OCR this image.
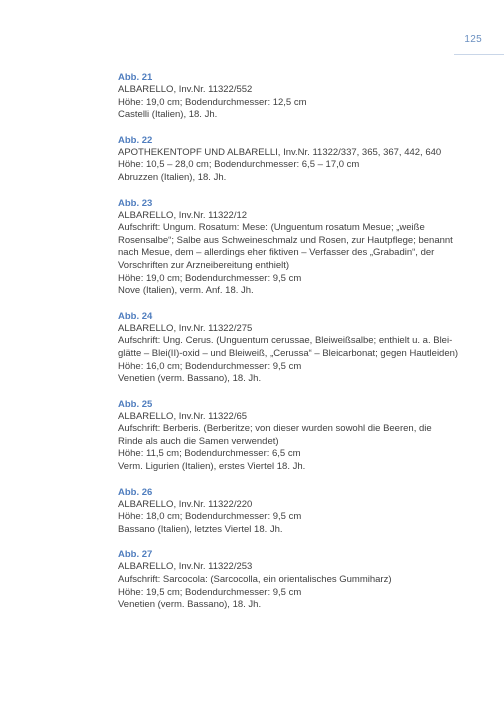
125
Abb. 21
ALBARELLO, Inv.Nr. 11322/552
Höhe: 19,0 cm; Bodendurchmesser: 12,5 cm
Castelli (Italien), 18. Jh.
Abb. 22
APOTHEKENTOPF UND ALBARELLI, Inv.Nr. 11322/337, 365, 367, 442, 640
Höhe: 10,5 – 28,0 cm; Bodendurchmesser: 6,5 – 17,0 cm
Abruzzen (Italien), 18. Jh.
Abb. 23
ALBARELLO, Inv.Nr. 11322/12
Aufschrift: Ungum. Rosatum: Mese: (Unguentum rosatum Mesue; „weiße
Rosensalbe“; Salbe aus Schweineschmalz und Rosen, zur Hautpflege; benannt
nach Mesue, dem – allerdings eher fiktiven – Verfasser des „Grabadin“, der
Vorschriften zur Arzneibereitung enthielt)
Höhe: 19,0 cm; Bodendurchmesser: 9,5 cm
Nove (Italien), verm. Anf. 18. Jh.
Abb. 24
ALBARELLO, Inv.Nr. 11322/275
Aufschrift: Ung. Cerus. (Unguentum cerussae, Bleiweißsalbe; enthielt u. a. Blei-
glätte – Blei(II)-oxid – und Bleiweiß, „Cerussa“ – Bleicarbonat; gegen Hautleiden)
Höhe: 16,0 cm; Bodendurchmesser: 9,5 cm
Venetien (verm. Bassano), 18. Jh.
Abb. 25
ALBARELLO, Inv.Nr. 11322/65
Aufschrift: Berberis. (Berberitze; von dieser wurden sowohl die Beeren, die
Rinde als auch die Samen verwendet)
Höhe: 11,5 cm; Bodendurchmesser: 6,5 cm
Verm. Ligurien (Italien), erstes Viertel 18. Jh.
Abb. 26
ALBARELLO, Inv.Nr. 11322/220
Höhe: 18,0 cm; Bodendurchmesser: 9,5 cm
Bassano (Italien), letztes Viertel 18. Jh.
Abb. 27
ALBARELLO, Inv.Nr. 11322/253
Aufschrift: Sarcocola: (Sarcocolla, ein orientalisches Gummiharz)
Höhe: 19,5 cm; Bodendurchmesser: 9,5 cm
Venetien (verm. Bassano), 18. Jh.
